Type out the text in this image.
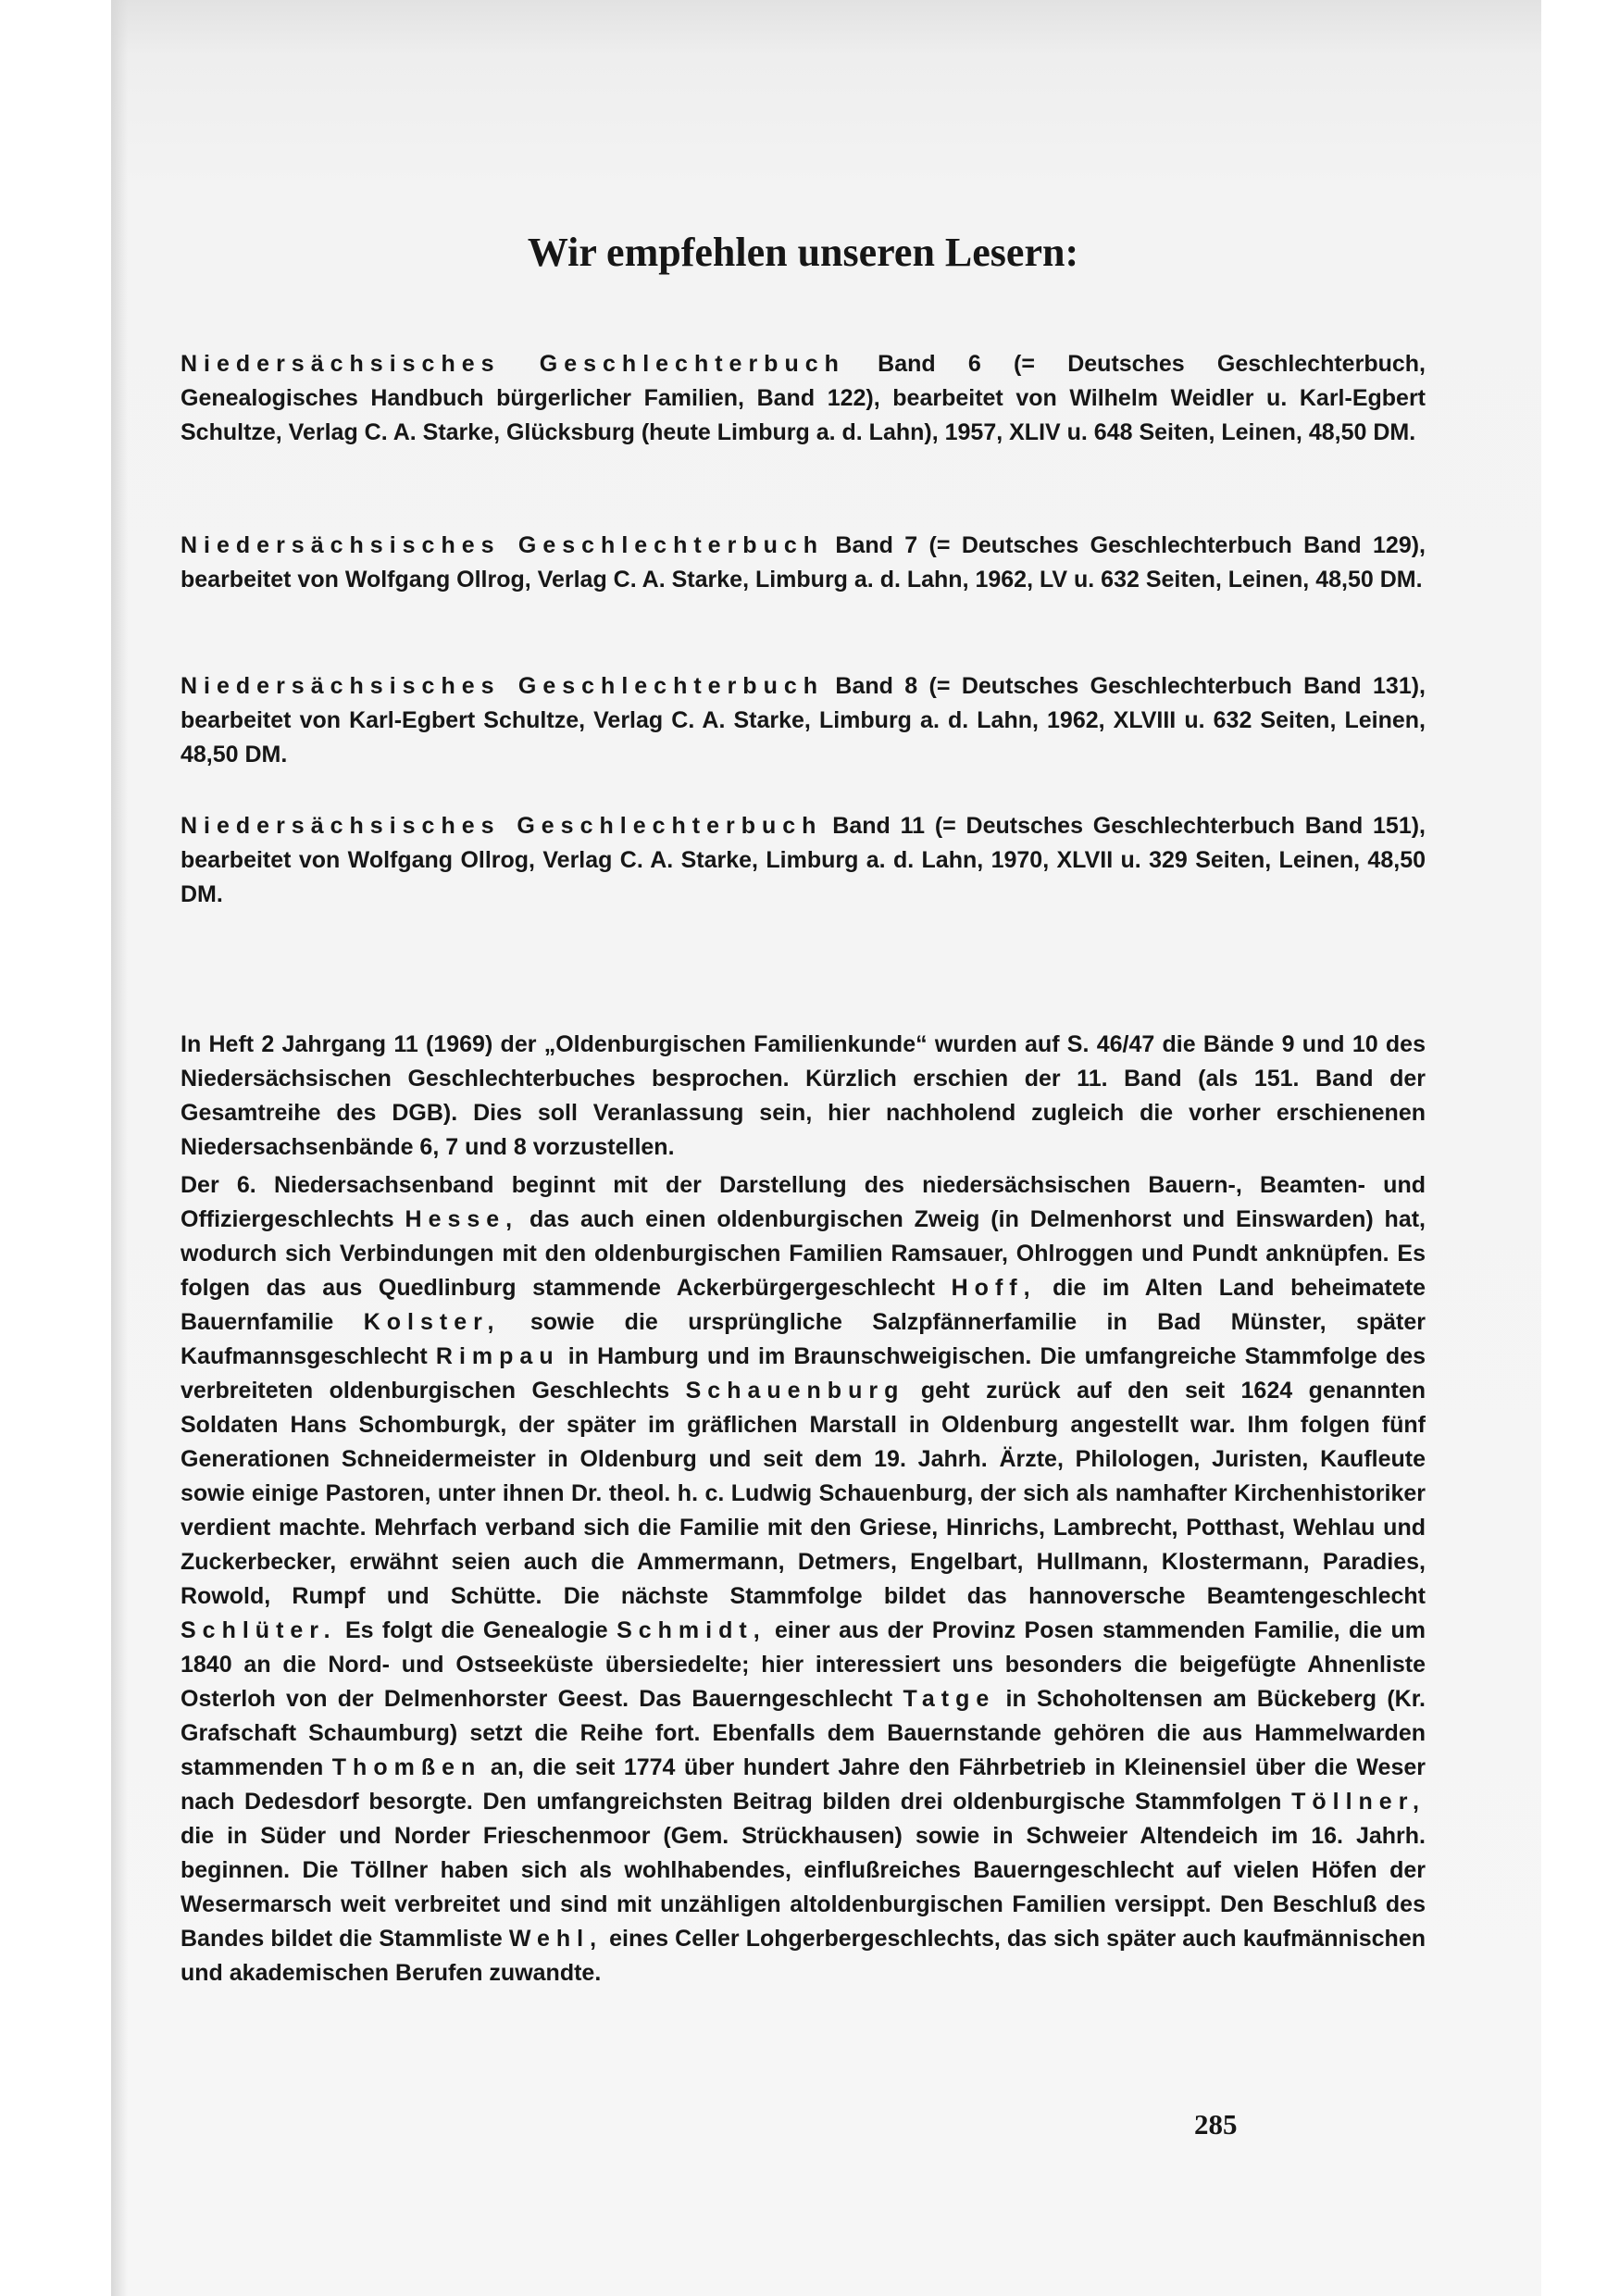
Wir empfehlen unseren Lesern:

Niedersächsisches Geschlechterbuch Band 6 (= Deutsches Geschlechterbuch, Genealogisches Handbuch bürgerlicher Familien, Band 122), bearbeitet von Wilhelm Weidler u. Karl-Egbert Schultze, Verlag C. A. Starke, Glücksburg (heute Limburg a. d. Lahn), 1957, XLIV u. 648 Seiten, Leinen, 48,50 DM.

Niedersächsisches Geschlechterbuch Band 7 (= Deutsches Geschlechterbuch Band 129), bearbeitet von Wolfgang Ollrog, Verlag C. A. Starke, Limburg a. d. Lahn, 1962, LV u. 632 Seiten, Leinen, 48,50 DM.

Niedersächsisches Geschlechterbuch Band 8 (= Deutsches Geschlechterbuch Band 131), bearbeitet von Karl-Egbert Schultze, Verlag C. A. Starke, Limburg a. d. Lahn, 1962, XLVIII u. 632 Seiten, Leinen, 48,50 DM.

Niedersächsisches Geschlechterbuch Band 11 (= Deutsches Geschlechterbuch Band 151), bearbeitet von Wolfgang Ollrog, Verlag C. A. Starke, Limburg a. d. Lahn, 1970, XLVII u. 329 Seiten, Leinen, 48,50 DM.

In Heft 2 Jahrgang 11 (1969) der „Oldenburgischen Familienkunde“ wurden auf S. 46/47 die Bände 9 und 10 des Niedersächsischen Geschlechterbuches besprochen. Kürzlich erschien der 11. Band (als 151. Band der Gesamtreihe des DGB). Dies soll Veranlassung sein, hier nachholend zugleich die vorher erschienenen Niedersachsenbände 6, 7 und 8 vorzustellen.

Der 6. Niedersachsenband beginnt mit der Darstellung des niedersächsischen Bauern-, Beamten- und Offiziergeschlechts Hesse, das auch einen oldenburgischen Zweig (in Delmenhorst und Einswarden) hat, wodurch sich Verbindungen mit den oldenburgischen Familien Ramsauer, Ohlroggen und Pundt anknüpfen. Es folgen das aus Quedlinburg stammende Ackerbürgergeschlecht Hoff, die im Alten Land beheimatete Bauernfamilie Kolster, sowie die ursprüngliche Salzpfännerfamilie in Bad Münster, später Kaufmannsgeschlecht Rimpau in Hamburg und im Braunschweigischen. Die umfangreiche Stammfolge des verbreiteten oldenburgischen Geschlechts Schauenburg geht zurück auf den seit 1624 genannten Soldaten Hans Schomburgk, der später im gräflichen Marstall in Oldenburg angestellt war. Ihm folgen fünf Generationen Schneidermeister in Oldenburg und seit dem 19. Jahrh. Ärzte, Philologen, Juristen, Kaufleute sowie einige Pastoren, unter ihnen Dr. theol. h. c. Ludwig Schauenburg, der sich als namhafter Kirchenhistoriker verdient machte. Mehrfach verband sich die Familie mit den Griese, Hinrichs, Lambrecht, Potthast, Wehlau und Zuckerbecker, erwähnt seien auch die Ammermann, Detmers, Engelbart, Hullmann, Klostermann, Paradies, Rowold, Rumpf und Schütte. Die nächste Stammfolge bildet das hannoversche Beamtengeschlecht Schlüter. Es folgt die Genealogie Schmidt, einer aus der Provinz Posen stammenden Familie, die um 1840 an die Nord- und Ostseeküste übersiedelte; hier interessiert uns besonders die beigefügte Ahnenliste Osterloh von der Delmenhorster Geest. Das Bauerngeschlecht Tatge in Schoholtensen am Bückeberg (Kr. Grafschaft Schaumburg) setzt die Reihe fort. Ebenfalls dem Bauernstande gehören die aus Hammelwarden stammenden Thomßen an, die seit 1774 über hundert Jahre den Fährbetrieb in Kleinensiel über die Weser nach Dedesdorf besorgte. Den umfangreichsten Beitrag bilden drei oldenburgische Stammfolgen Töllner, die in Süder und Norder Frieschenmoor (Gem. Strückhausen) sowie in Schweier Altendeich im 16. Jahrh. beginnen. Die Töllner haben sich als wohlhabendes, einflußreiches Bauerngeschlecht auf vielen Höfen der Wesermarsch weit verbreitet und sind mit unzähligen altoldenburgischen Familien versippt. Den Beschluß des Bandes bildet die Stammliste Wehl, eines Celler Lohgerbergeschlechts, das sich später auch kaufmännischen und akademischen Berufen zuwandte.

285
